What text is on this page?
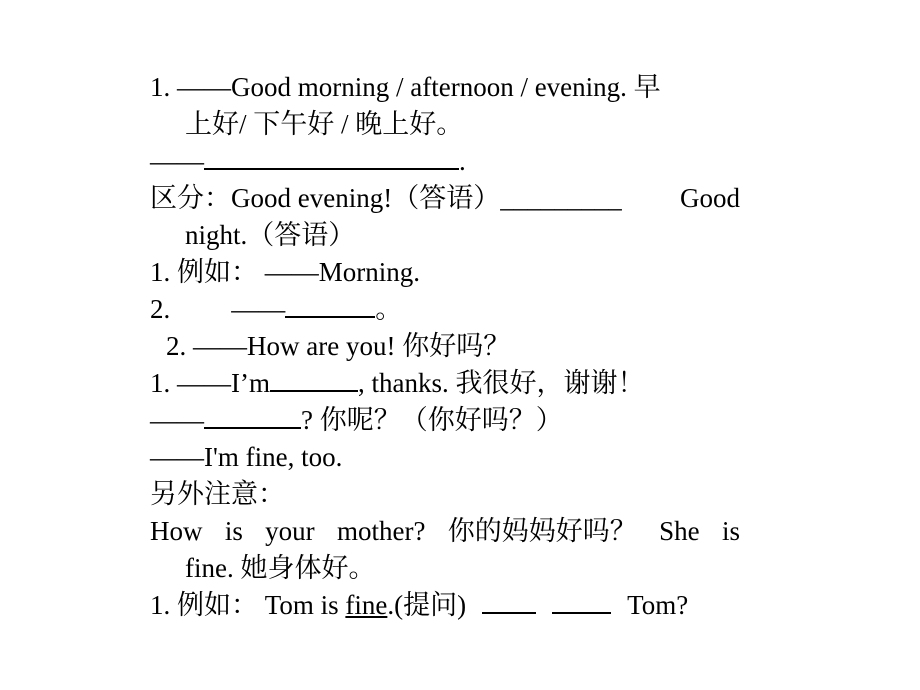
1. ——Good morning / afternoon / evening. 早
上好/ 下午好 / 晚上好。
——	.
区分：Good evening!（答语）_________ Good
night.（答语）
1. 例如： ——Morning.
2. ——	。
2. ——How are you! 你好吗？
1. ——I’m	, thanks. 我很好，谢谢！
——	? 你呢？（你好吗？）
——I'm fine, too.
另外注意：
How is your mother? 你的妈妈好吗？ She is
fine. 她身体好。
1. 例如： Tom is fine.(提问)	Tom?
